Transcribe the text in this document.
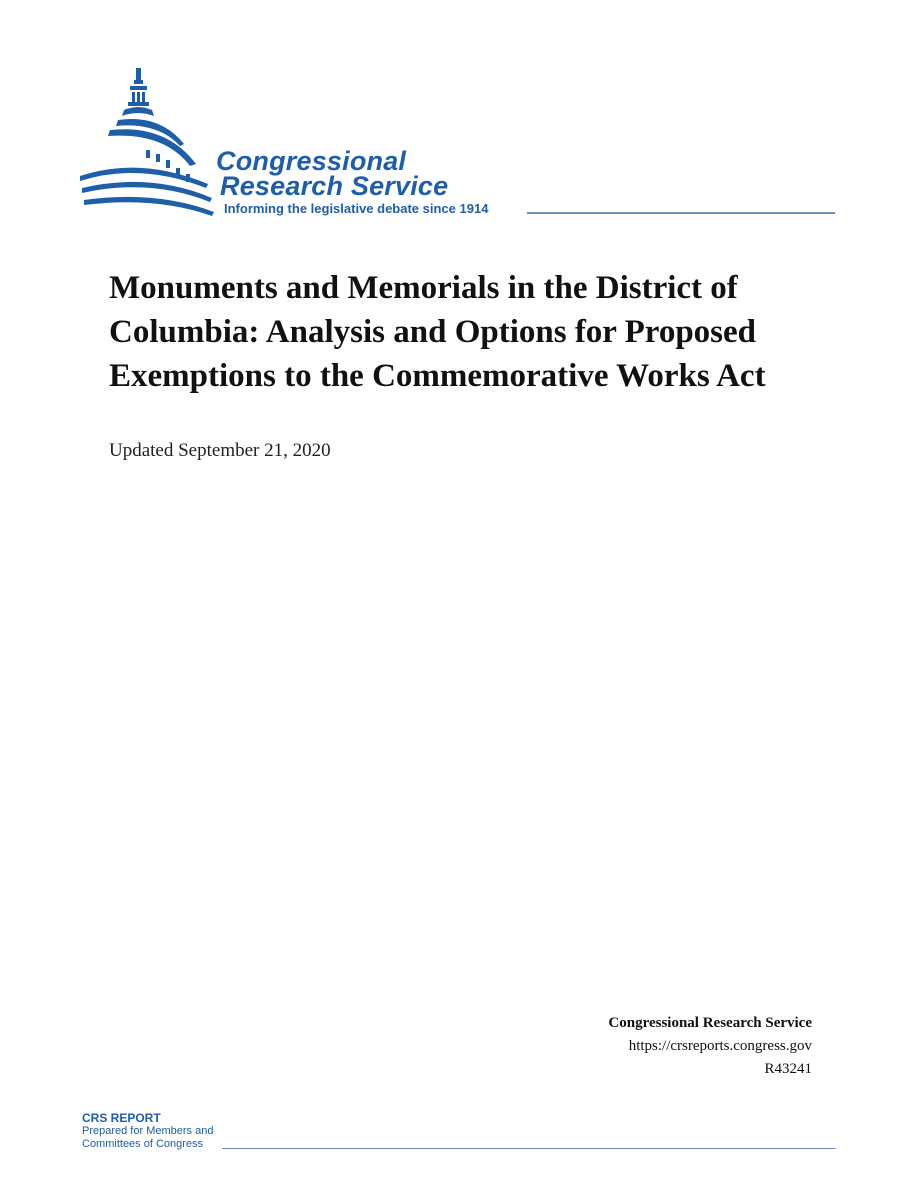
Congressional
Research Service
Informing the legislative debate since 1914
Monuments and Memorials in the District of Columbia: Analysis and Options for Proposed Exemptions to the Commemorative Works Act
Updated September 21, 2020
Congressional Research Service
https://crsreports.congress.gov
R43241
CRS REPORT
Prepared for Members and
Committees of Congress
